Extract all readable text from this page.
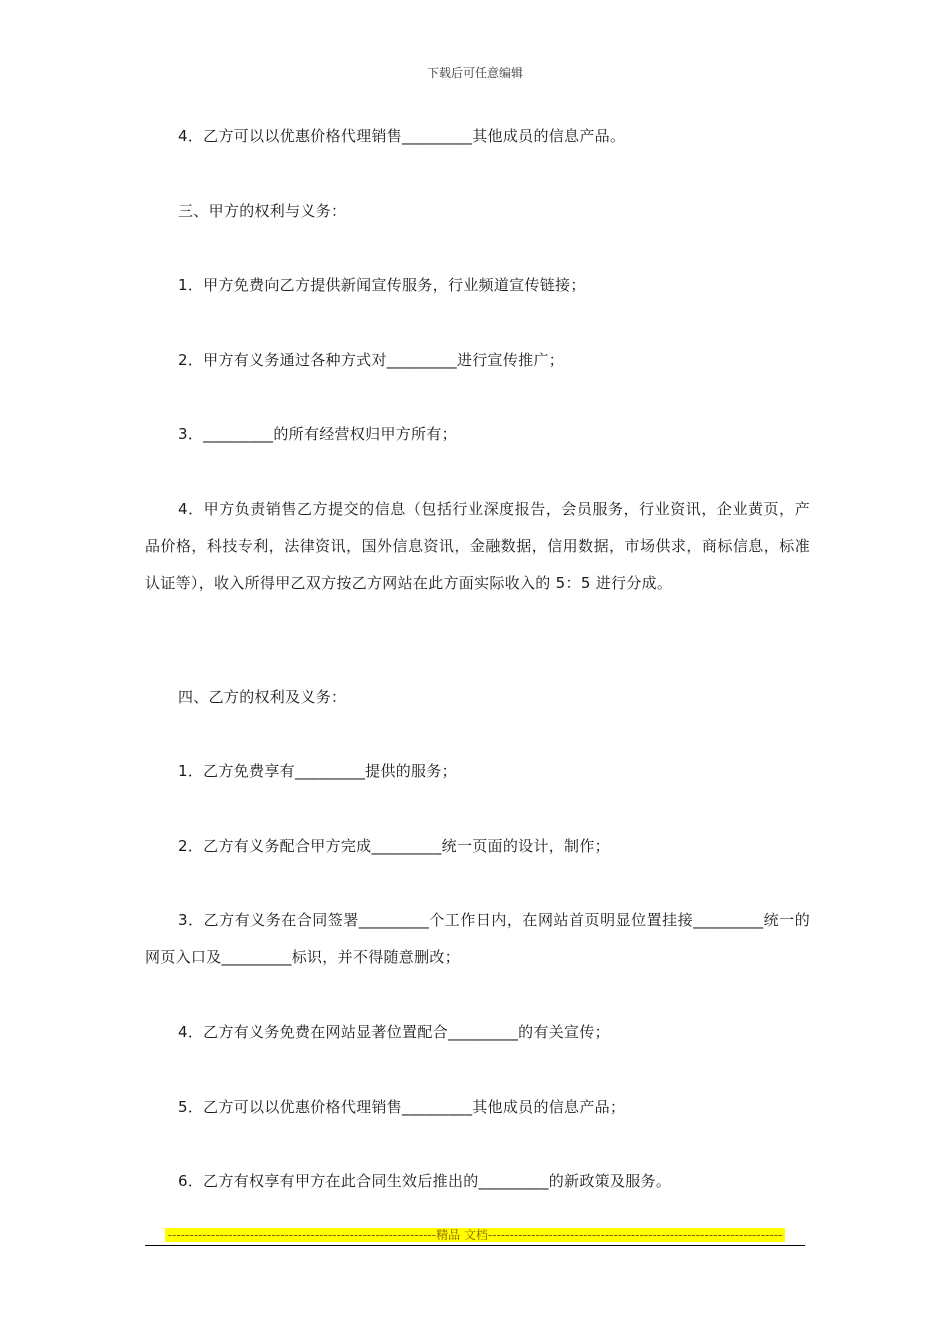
下载后可任意编辑
4．乙方可以以优惠价格代理销售_________其他成员的信息产品。
三、甲方的权利与义务：
1．甲方免费向乙方提供新闻宣传服务，行业频道宣传链接；
2．甲方有义务通过各种方式对_________进行宣传推广；
3．_________的所有经营权归甲方所有；
4．甲方负责销售乙方提交的信息（包括行业深度报告，会员服务，行业资讯，企业黄页，产品价格，科技专利，法律资讯，国外信息资讯，金融数据，信用数据，市场供求，商标信息，标准认证等），收入所得甲乙双方按乙方网站在此方面实际收入的 5：5 进行分成。
四、乙方的权利及义务：
1．乙方免费享有_________提供的服务；
2．乙方有义务配合甲方完成_________统一页面的设计，制作；
3．乙方有义务在合同签署_________个工作日内，在网站首页明显位置挂接_________统一的网页入口及_________标识，并不得随意删改；
4．乙方有义务免费在网站显著位置配合_________的有关宣传；
5．乙方可以以优惠价格代理销售_________其他成员的信息产品；
6．乙方有权享有甲方在此合同生效后推出的_________的新政策及服务。
--------------------------------------------------------------精品 文档--------------------------------------------------------------------
